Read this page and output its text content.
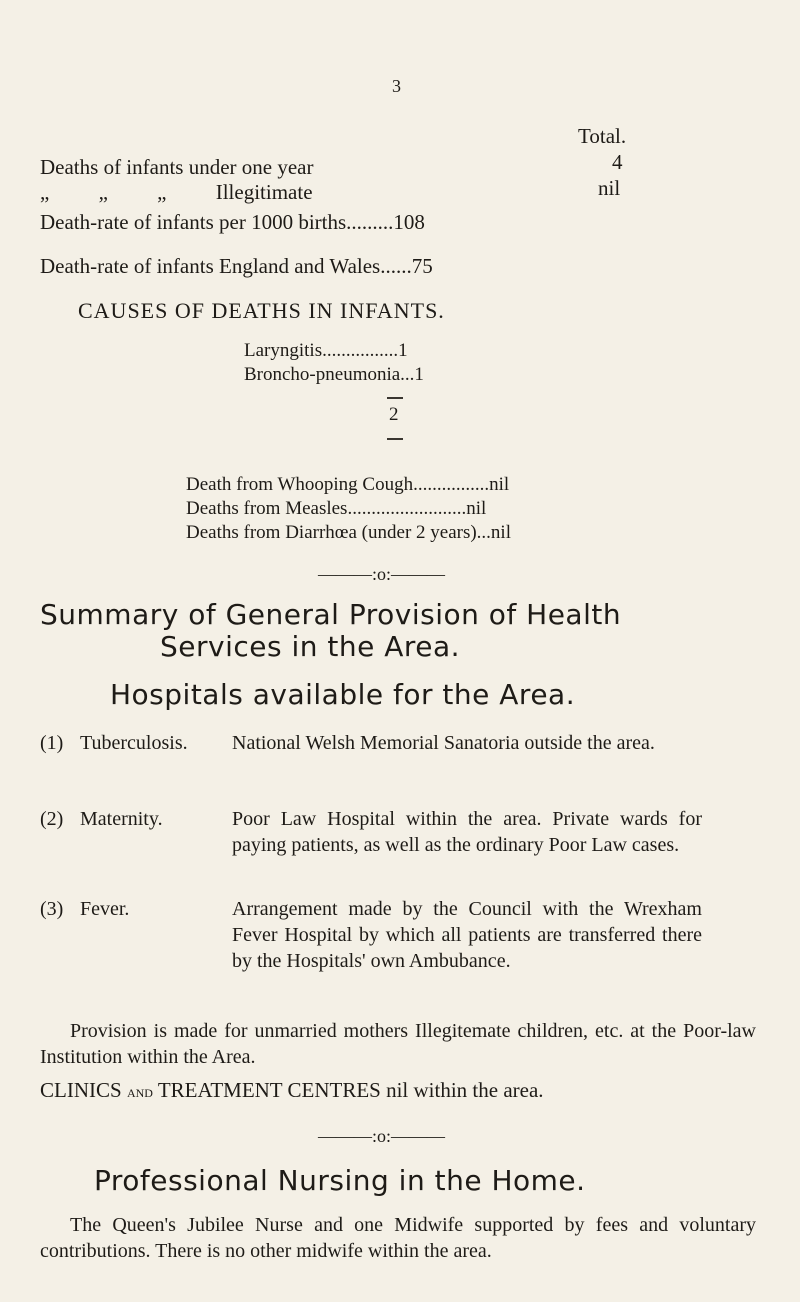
3
Total.
Deaths of infants under one year	4
„ „ „ Illegitimate	nil
Death-rate of infants per 1000 births.........108
Death-rate of infants England and Wales......75
CAUSES OF DEATHS IN INFANTS.
Laryngitis................1
Broncho-pneumonia...1
2
Death from Whooping Cough................nil
Deaths from Measles.........................nil
Deaths from Diarrhœa (under 2 years)...nil
———:o:———
Summary of General Provision of Health
Services in the Area.
Hospitals available for the Area.
(1) Tuberculosis. National Welsh Memorial Sanatoria outside the area.
(2) Maternity.	Poor Law Hospital within the area. Private wards for paying patients, as well as the ordinary Poor Law cases.
(3) Fever.	Arrangement made by the Council with the Wrexham Fever Hospital by which all patients are transferred there by the Hospitals' own Ambubance.
Provision is made for unmarried mothers Illegitemate children, etc. at the Poor-law Institution within the Area.
CLINICS and TREATMENT CENTRES nil within the area.
———:o:———
Professional Nursing in the Home.
The Queen's Jubilee Nurse and one Midwife supported by fees and voluntary contributions. There is no other midwife within the area.
